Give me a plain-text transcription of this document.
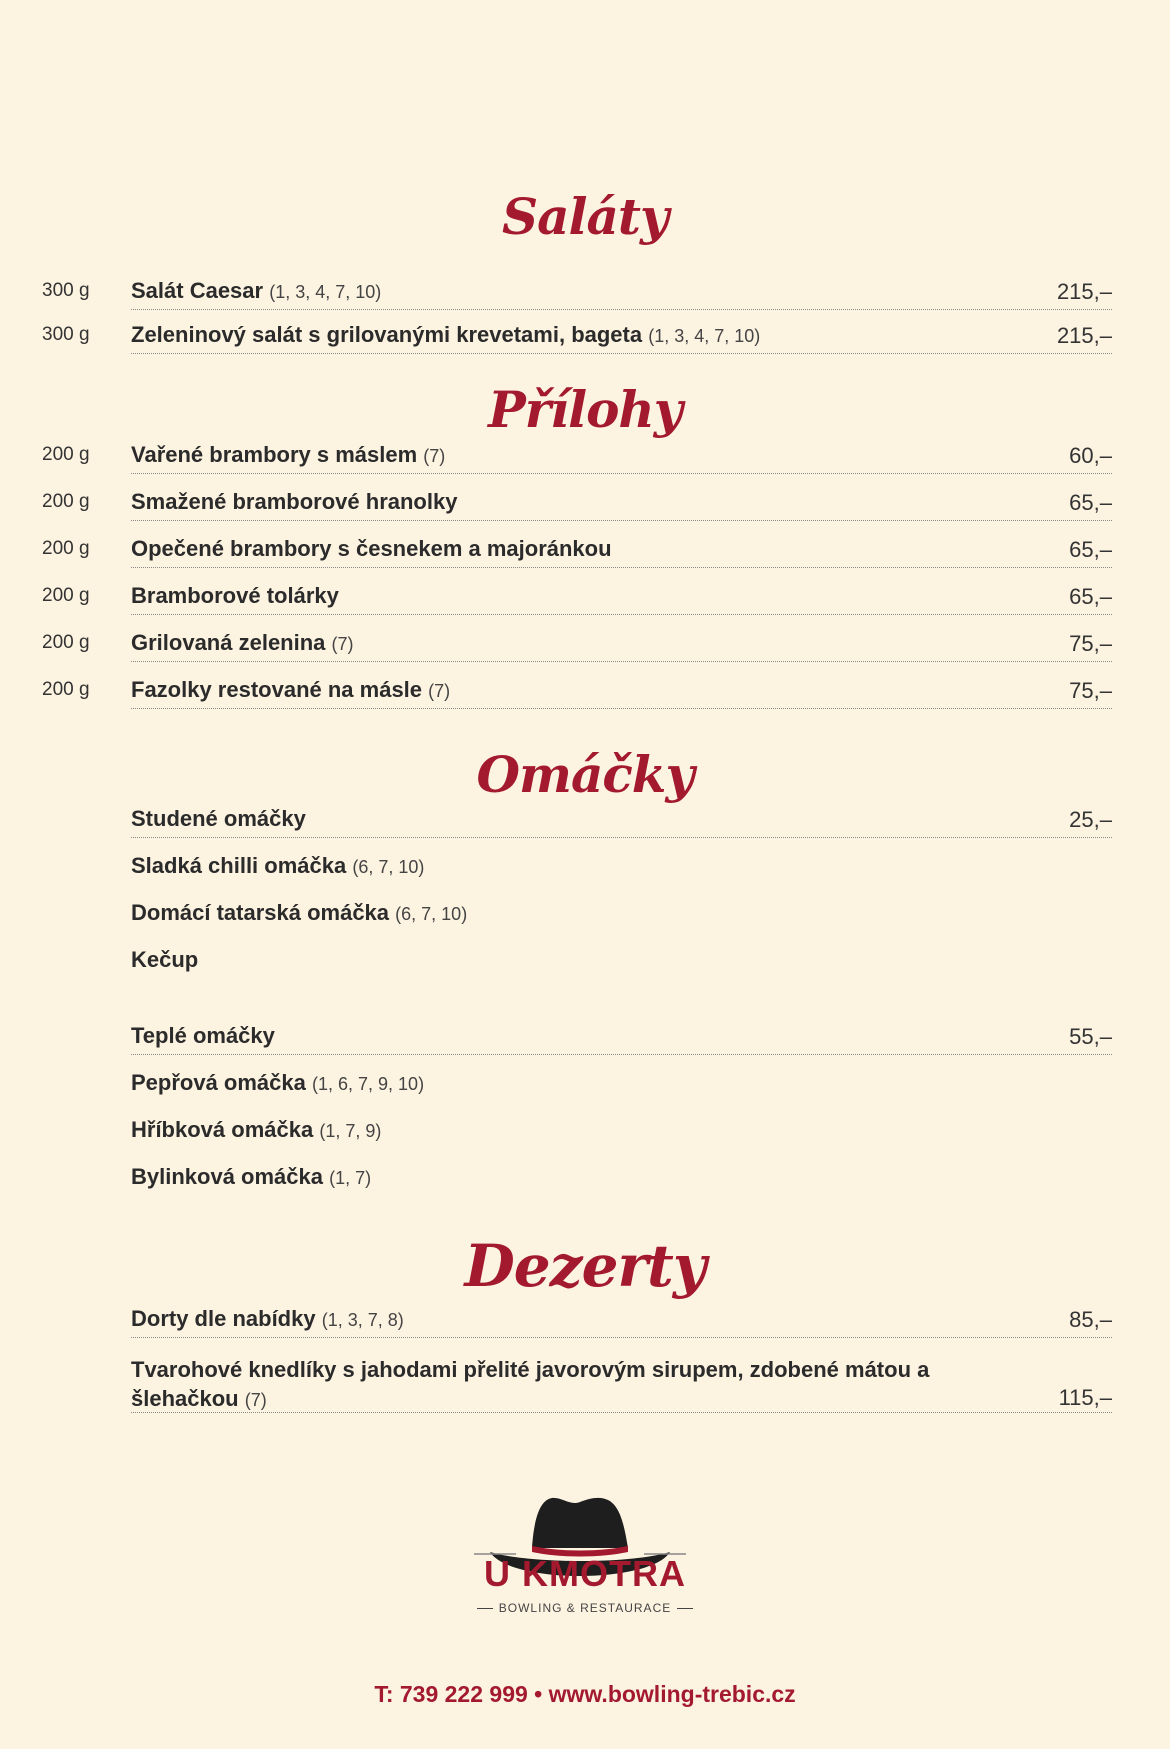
Saláty
300 g Salát Caesar (1, 3, 4, 7, 10)	215,–
300 g Zeleninový salát s grilovanými krevetami, bageta (1, 3, 4, 7, 10)	215,–
Přílohy
200 g Vařené brambory s máslem (7)	60,–
200 g Smažené bramborové hranolky	65,–
200 g Opečené brambory s česnekem a majoránkou	65,–
200 g Bramborové tolárky	65,–
200 g Grilovaná zelenina (7)	75,–
200 g Fazolky restované na másle (7)	75,–
Omáčky
Studené omáčky	25,–
Sladká chilli omáčka (6, 7, 10)
Domácí tatarská omáčka (6, 7, 10)
Kečup
Teplé omáčky	55,–
Pepřová omáčka (1, 6, 7, 9, 10)
Hříbková omáčka (1, 7, 9)
Bylinková omáčka (1, 7)
Dezerty
Dorty dle nabídky (1, 3, 7, 8)	85,–
Tvarohové knedlíky s jahodami přelité javorovým sirupem, zdobené mátou a šlehačkou (7)	115,–
U KMOTRA
BOWLING & RESTAURACE
T: 739 222 999 • www.bowling-trebic.cz
